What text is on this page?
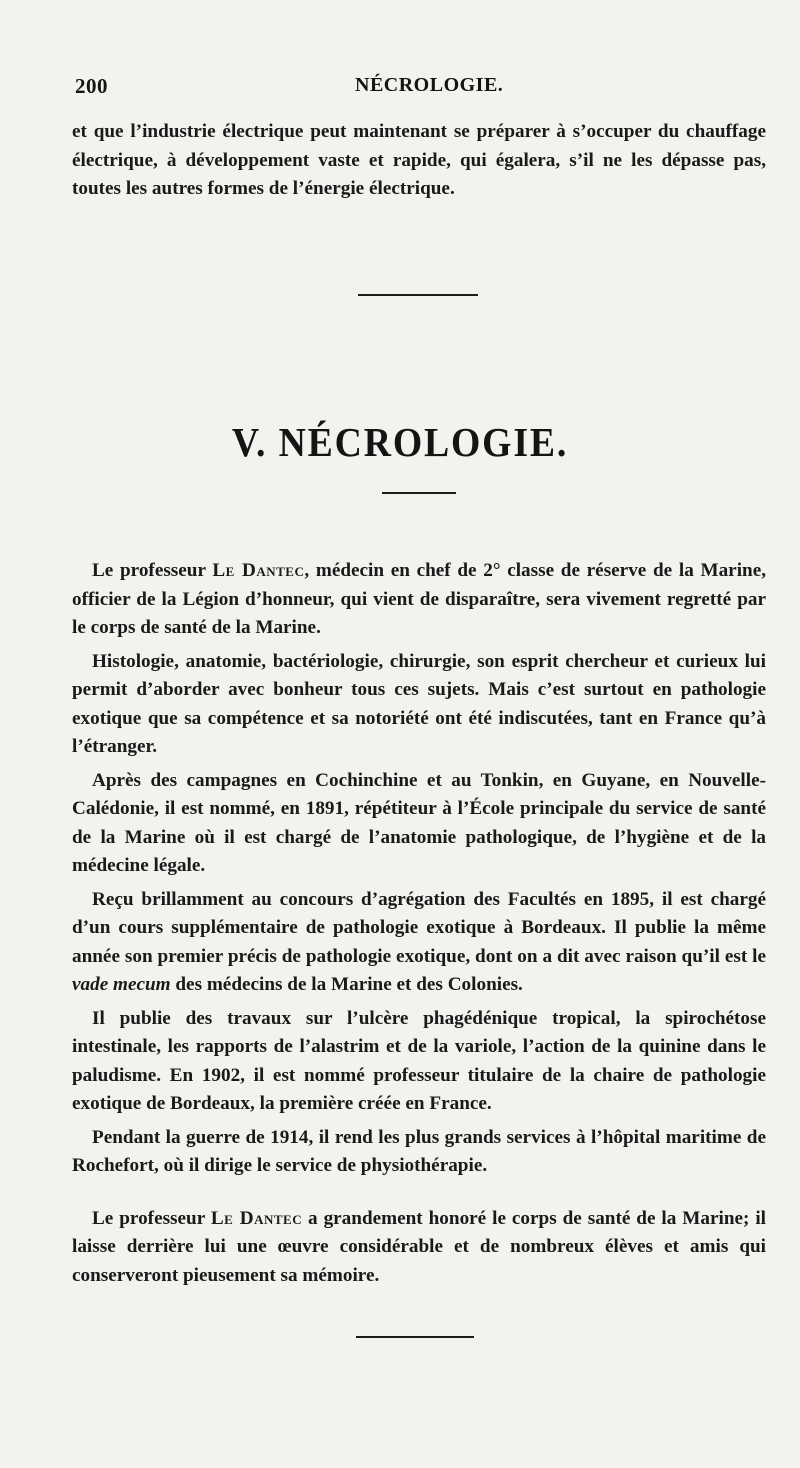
200	NÉCROLOGIE.

et que l’industrie électrique peut maintenant se préparer à s’occuper du chauffage électrique, à développement vaste et rapide, qui égalera, s’il ne les dépasse pas, toutes les autres formes de l’énergie électrique.

V. NÉCROLOGIE.

Le professeur Le Dantec, médecin en chef de 2° classe de réserve de la Marine, officier de la Légion d’honneur, qui vient de disparaître, sera vivement regretté par le corps de santé de la Marine.

Histologie, anatomie, bactériologie, chirurgie, son esprit chercheur et curieux lui permit d’aborder avec bonheur tous ces sujets. Mais c’est surtout en pathologie exotique que sa compétence et sa notoriété ont été indiscutées, tant en France qu’à l’étranger.

Après des campagnes en Cochinchine et au Tonkin, en Guyane, en Nouvelle-Calédonie, il est nommé, en 1891, répétiteur à l’École principale du service de santé de la Marine où il est chargé de l’anatomie pathologique, de l’hygiène et de la médecine légale.

Reçu brillamment au concours d’agrégation des Facultés en 1895, il est chargé d’un cours supplémentaire de pathologie exotique à Bordeaux. Il publie la même année son premier précis de pathologie exotique, dont on a dit avec raison qu’il est le vade mecum des médecins de la Marine et des Colonies.

Il publie des travaux sur l’ulcère phagédénique tropical, la spirochétose intestinale, les rapports de l’alastrim et de la variole, l’action de la quinine dans le paludisme. En 1902, il est nommé professeur titulaire de la chaire de pathologie exotique de Bordeaux, la première créée en France.

Pendant la guerre de 1914, il rend les plus grands services à l’hôpital maritime de Rochefort, où il dirige le service de physiothérapie.

Le professeur Le Dantec a grandement honoré le corps de santé de la Marine; il laisse derrière lui une œuvre considérable et de nombreux élèves et amis qui conserveront pieusement sa mémoire.
